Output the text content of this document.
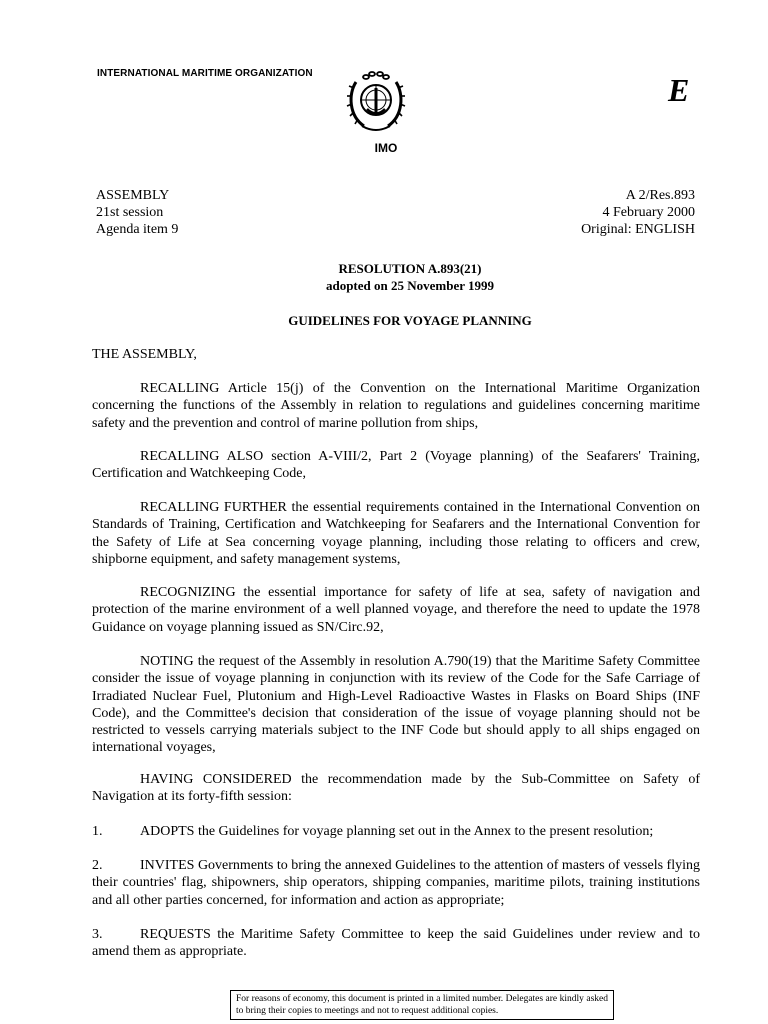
INTERNATIONAL MARITIME ORGANIZATION	E
IMO
ASSEMBLY
21st session
Agenda item 9
A 2/Res.893
4 February 2000
Original: ENGLISH
RESOLUTION A.893(21)
adopted on 25 November 1999
GUIDELINES FOR VOYAGE PLANNING

THE ASSEMBLY,

RECALLING Article 15(j) of the Convention on the International Maritime Organization concerning the functions of the Assembly in relation to regulations and guidelines concerning maritime safety and the prevention and control of marine pollution from ships,

RECALLING ALSO section A-VIII/2, Part 2 (Voyage planning) of the Seafarers' Training, Certification and Watchkeeping Code,

RECALLING FURTHER the essential requirements contained in the International Convention on Standards of Training, Certification and Watchkeeping for Seafarers and the International Convention for the Safety of Life at Sea concerning voyage planning, including those relating to officers and crew, shipborne equipment, and safety management systems,

RECOGNIZING the essential importance for safety of life at sea, safety of navigation and protection of the marine environment of a well planned voyage, and therefore the need to update the 1978 Guidance on voyage planning issued as SN/Circ.92,

NOTING the request of the Assembly in resolution A.790(19) that the Maritime Safety Committee consider the issue of voyage planning in conjunction with its review of the Code for the Safe Carriage of Irradiated Nuclear Fuel, Plutonium and High-Level Radioactive Wastes in Flasks on Board Ships (INF Code), and the Committee's decision that consideration of the issue of voyage planning should not be restricted to vessels carrying materials subject to the INF Code but should apply to all ships engaged on international voyages,

HAVING CONSIDERED the recommendation made by the Sub-Committee on Safety of Navigation at its forty-fifth session:

1.	ADOPTS the Guidelines for voyage planning set out in the Annex to the present resolution;

2.	INVITES Governments to bring the annexed Guidelines to the attention of masters of vessels flying their countries' flag, shipowners, ship operators, shipping companies, maritime pilots, training institutions and all other parties concerned, for information and action as appropriate;

3.	REQUESTS the Maritime Safety Committee to keep the said Guidelines under review and to amend them as appropriate.

For reasons of economy, this document is printed in a limited number. Delegates are kindly asked to bring their copies to meetings and not to request additional copies.
